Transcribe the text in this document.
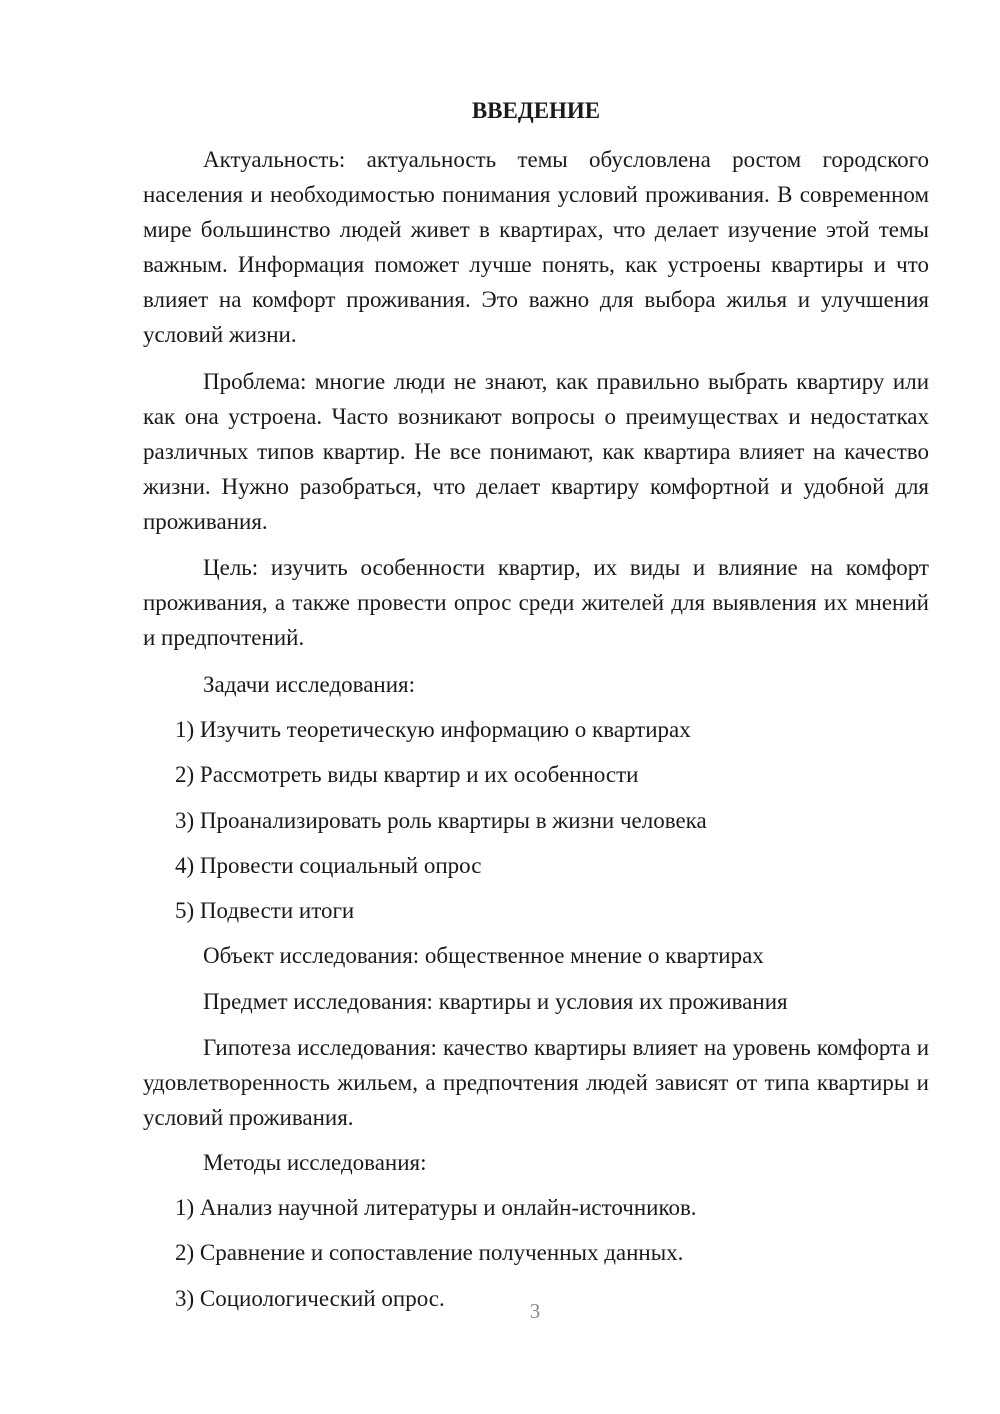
ВВЕДЕНИЕ

Актуальность: актуальность темы обусловлена ростом городского населения и необходимостью понимания условий проживания. В современном мире большинство людей живет в квартирах, что делает изучение этой темы важным. Информация поможет лучше понять, как устроены квартиры и что влияет на комфорт проживания. Это важно для выбора жилья и улучшения условий жизни.

Проблема: многие люди не знают, как правильно выбрать квартиру или как она устроена. Часто возникают вопросы о преимуществах и недостатках различных типов квартир. Не все понимают, как квартира влияет на качество жизни. Нужно разобраться, что делает квартиру комфортной и удобной для проживания.

Цель: изучить особенности квартир, их виды и влияние на комфорт проживания, а также провести опрос среди жителей для выявления их мнений и предпочтений.

Задачи исследования:

1) Изучить теоретическую информацию о квартирах

2) Рассмотреть виды квартир и их особенности

3) Проанализировать роль квартиры в жизни человека

4) Провести социальный опрос

5) Подвести итоги

Объект исследования: общественное мнение о квартирах

Предмет исследования: квартиры и условия их проживания

Гипотеза исследования: качество квартиры влияет на уровень комфорта и удовлетворенность жильем, а предпочтения людей зависят от типа квартиры и условий проживания.

Методы исследования:

1) Анализ научной литературы и онлайн-источников.

2) Сравнение и сопоставление полученных данных.

3) Социологический опрос.	3
